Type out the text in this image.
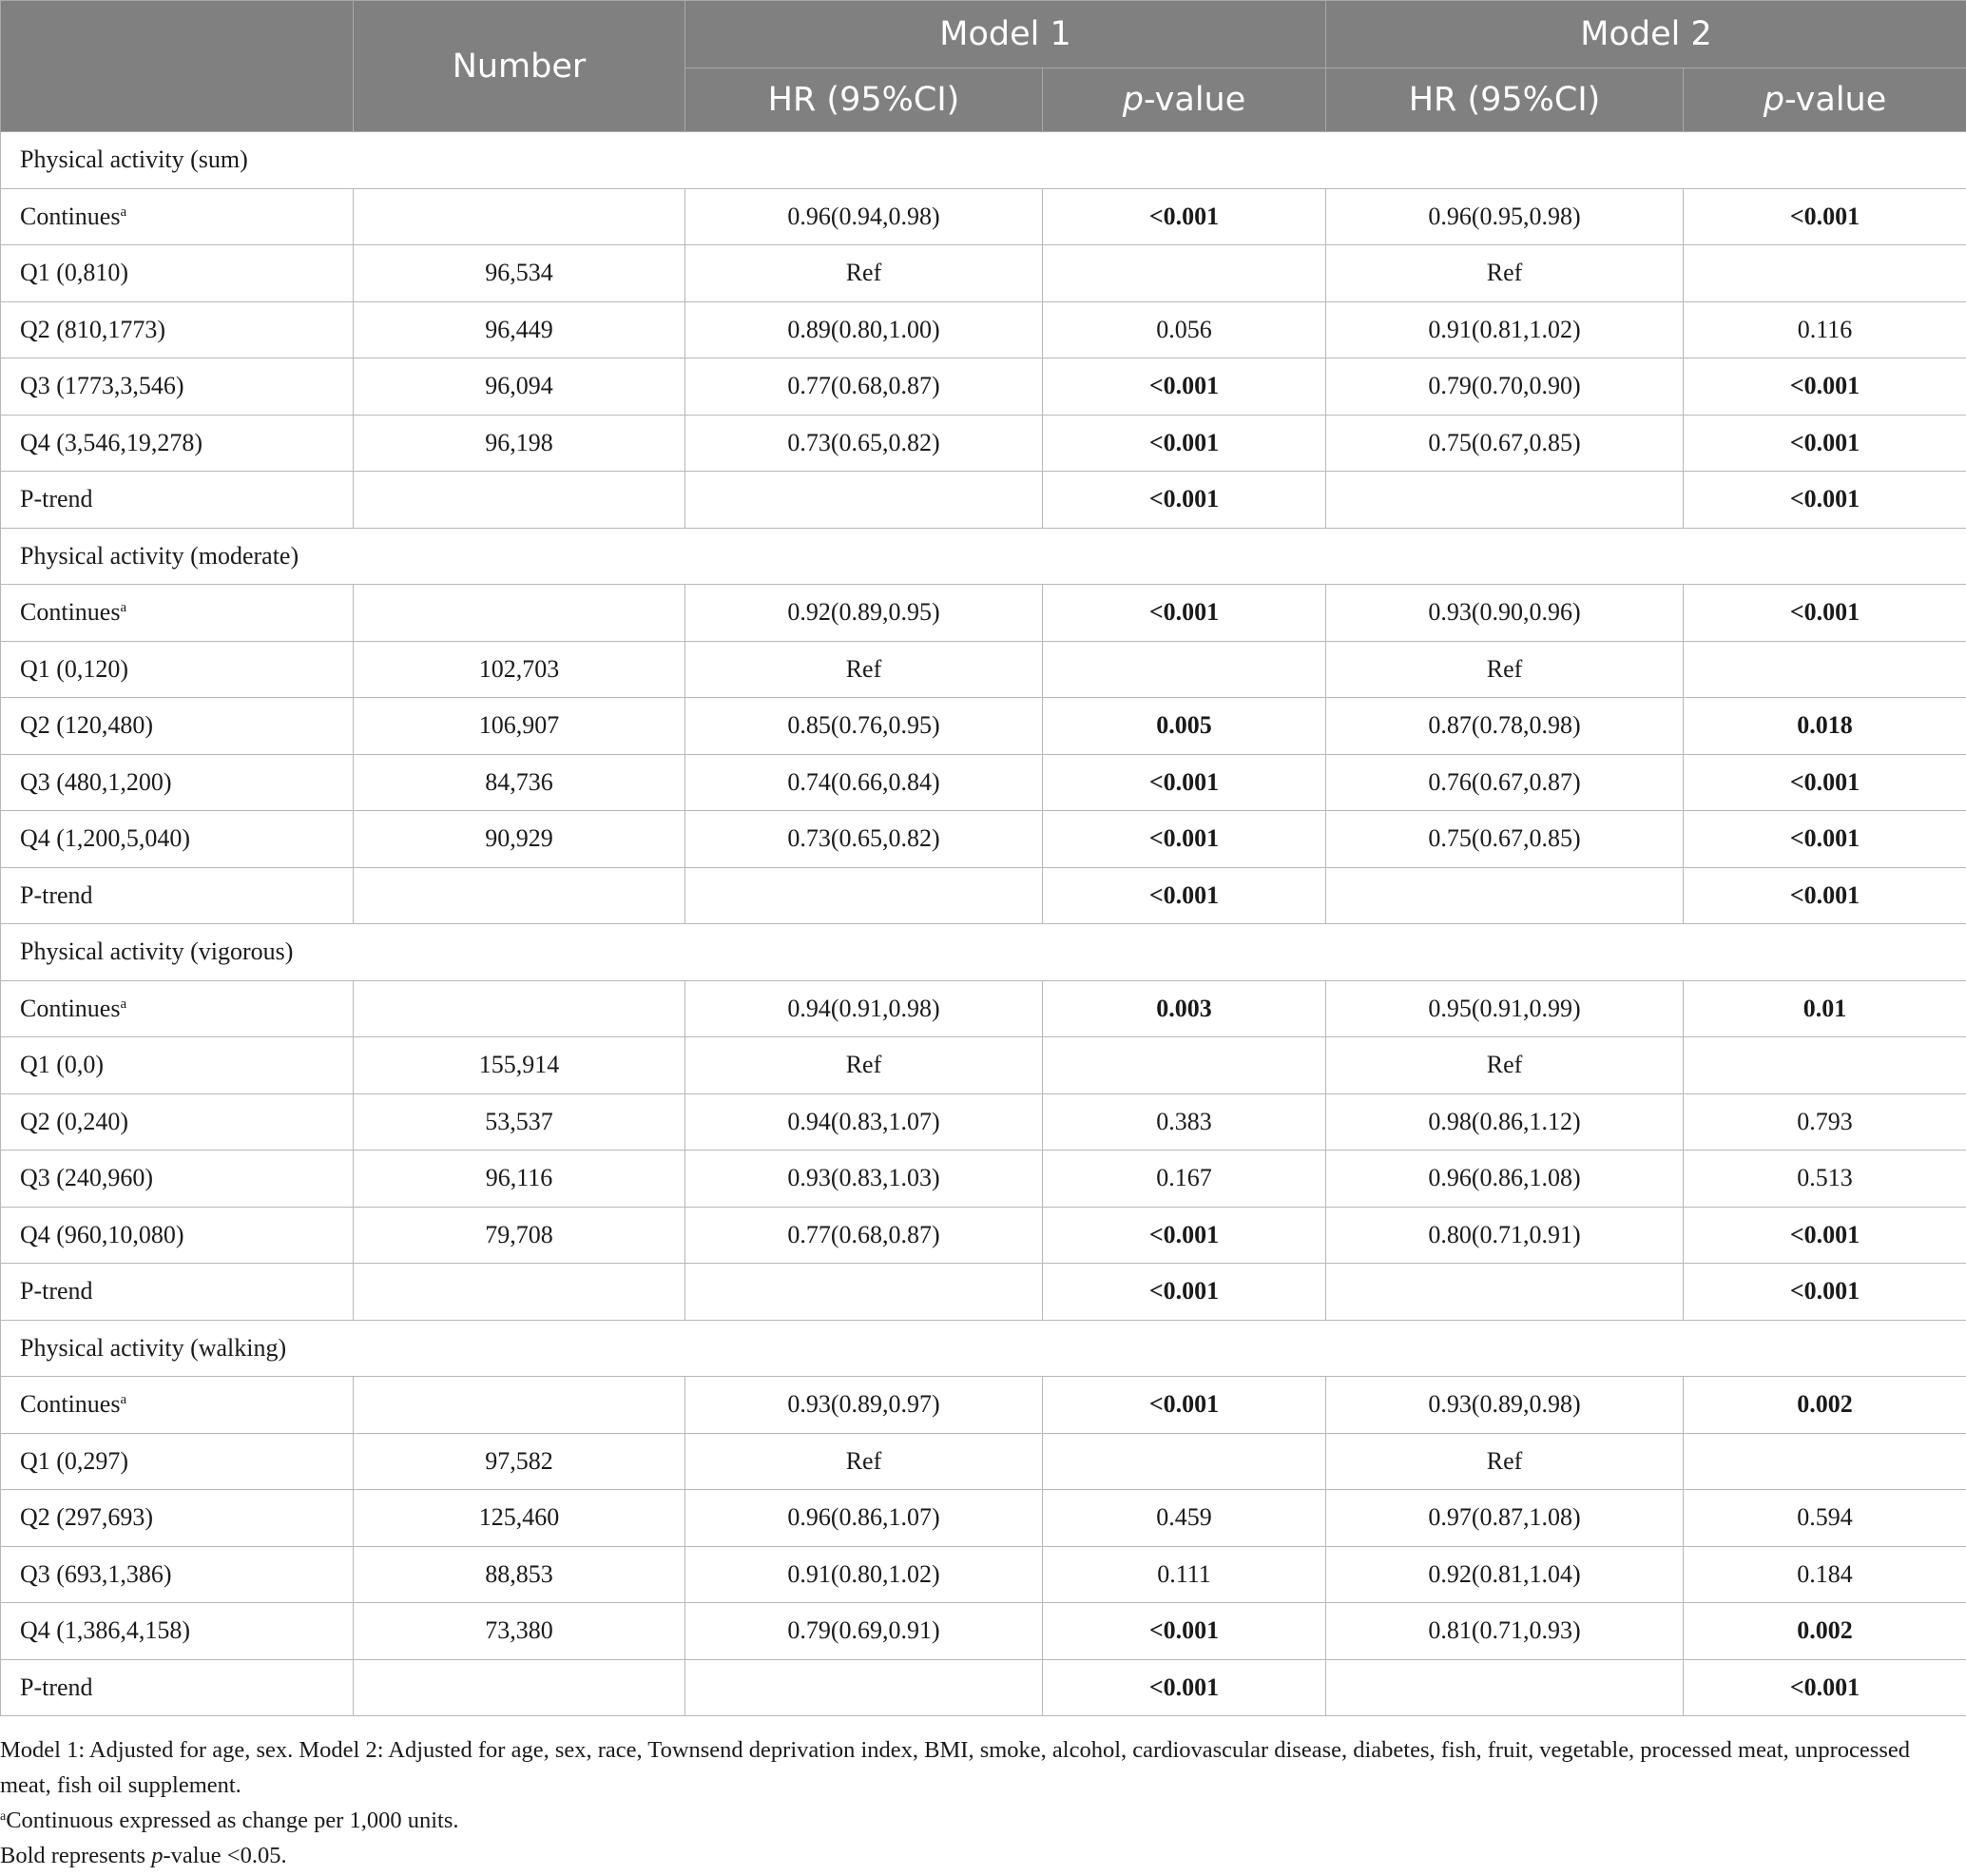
	Number	Model 1		Model 2	
		HR (95%CI)	p-value	HR (95%CI)	p-value
Physical activity (sum)					
Continues$^a$		0.96(0.94,0.98)	<0.001	0.96(0.95,0.98)	<0.001
Q1 (0,810)	96,534	Ref		Ref	
Q2 (810,1773)	96,449	0.89(0.80,1.00)	0.056	0.91(0.81,1.02)	0.116
Q3 (1773,3,546)	96,094	0.77(0.68,0.87)	<0.001	0.79(0.70,0.90)	<0.001
Q4 (3,546,19,278)	96,198	0.73(0.65,0.82)	<0.001	0.75(0.67,0.85)	<0.001
P-trend			<0.001		<0.001
Physical activity (moderate)					
Continues$^a$		0.92(0.89,0.95)	<0.001	0.93(0.90,0.96)	<0.001
Q1 (0,120)	102,703	Ref		Ref	
Q2 (120,480)	106,907	0.85(0.76,0.95)	0.005	0.87(0.78,0.98)	0.018
Q3 (480,1,200)	84,736	0.74(0.66,0.84)	<0.001	0.76(0.67,0.87)	<0.001
Q4 (1,200,5,040)	90,929	0.73(0.65,0.82)	<0.001	0.75(0.67,0.85)	<0.001
P-trend			<0.001		<0.001
Physical activity (vigorous)					
Continues$^a$		0.94(0.91,0.98)	0.003	0.95(0.91,0.99)	0.01
Q1 (0,0)	155,914	Ref		Ref	
Q2 (0,240)	53,537	0.94(0.83,1.07)	0.383	0.98(0.86,1.12)	0.793
Q3 (240,960)	96,116	0.93(0.83,1.03)	0.167	0.96(0.86,1.08)	0.513
Q4 (960,10,080)	79,708	0.77(0.68,0.87)	<0.001	0.80(0.71,0.91)	<0.001
P-trend			<0.001		<0.001
Physical activity (walking)					
Continues$^a$		0.93(0.89,0.97)	<0.001	0.93(0.89,0.98)	0.002
Q1 (0,297)	97,582	Ref		Ref	
Q2 (297,693)	125,460	0.96(0.86,1.07)	0.459	0.97(0.87,1.08)	0.594
Q3 (693,1,386)	88,853	0.91(0.80,1.02)	0.111	0.92(0.81,1.04)	0.184
Q4 (1,386,4,158)	73,380	0.79(0.69,0.91)	<0.001	0.81(0.71,0.93)	0.002
P-trend			<0.001		<0.001

Model 1: Adjusted for age, sex. Model 2: Adjusted for age, sex, race, Townsend deprivation index, BMI, smoke, alcohol, cardiovascular disease, diabetes, fish, fruit, vegetable, processed meat, unprocessed meat, fish oil supplement.

$^a$Continuous expressed as change per 1,000 units.

Bold represents p-value <0.05.
